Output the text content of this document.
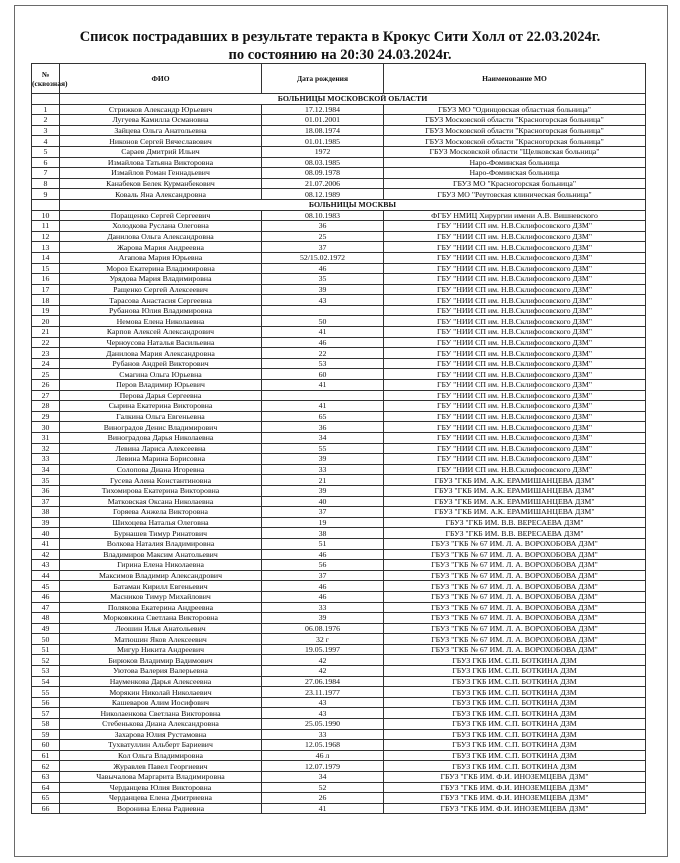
Список пострадавших в результате теракта в Крокус Сити Холл от 22.03.2024г.
по состоянию на 20:30 24.03.2024г.
№ (сквозная)	ФИО	Дата рождения	Наименование МО
	БОЛЬНИЦЫ МОСКОВСКОЙ ОБЛАСТИ		
1	Стрижков Александр Юрьевич	17.12.1984	ГБУЗ МО "Одинцовская областная больница"
2	Лугуева Камилла Османовна	01.01.2001	ГБУЗ Московской области "Красногорская больница"
3	Зайцева Ольга Анатольевна	18.08.1974	ГБУЗ Московской области "Красногорская больница"
4	Никонов Сергей Вячеславович	01.01.1985	ГБУЗ Московской области "Красногорская больница"
5	Сараев Дмитрий Ильич	1972	ГБУЗ Московской области "Щелковская больница"
6	Измайлова Татьяна Викторовна	08.03.1985	Наро-Фоминская больница
7	Измайлов Роман Геннадьевич	08.09.1978	Наро-Фоминская больница
8	Канабеков Белек Курманбекович	21.07.2006	ГБУЗ МО "Красногорская больница"
9	Коваль Яна Александровна	08.12.1989	ГБУЗ МО "Реутовская клиническая больница"
	БОЛЬНИЦЫ МОСКВЫ		
10	Поращенко Сергей Сергеевич	08.10.1983	ФГБУ НМИЦ Хирургии имени А.В. Вишневского
11	Холодкова Руслана Олеговна	36	ГБУ "НИИ СП им. Н.В.Склифосовского ДЗМ"
12	Данилова Ольга Александровна	25	ГБУ "НИИ СП им. Н.В.Склифосовского ДЗМ"
13	Жарова Мария Андреевна	37	ГБУ "НИИ СП им. Н.В.Склифосовского ДЗМ"
14	Агапова Мария Юрьевна	52/15.02.1972	ГБУ "НИИ СП им. Н.В.Склифосовского ДЗМ"
15	Мороз Екатерина Владимировна	46	ГБУ "НИИ СП им. Н.В.Склифосовского ДЗМ"
16	Урядова Мария Владимировна	35	ГБУ "НИИ СП им. Н.В.Склифосовского ДЗМ"
17	Ращенко Сергей Алексеевич	39	ГБУ "НИИ СП им. Н.В.Склифосовского ДЗМ"
18	Тарасова Анастасия Сергеевна	43	ГБУ "НИИ СП им. Н.В.Склифосовского ДЗМ"
19	Рубанова Юлия Владимировна		ГБУ "НИИ СП им. Н.В.Склифосовского ДЗМ"
20	Немова Елена Николаевна	50	ГБУ "НИИ СП им. Н.В.Склифосовского ДЗМ"
21	Карпов Алексей Александрович	41	ГБУ "НИИ СП им. Н.В.Склифосовского ДЗМ"
22	Черноусова Наталья Васильевна	46	ГБУ "НИИ СП им. Н.В.Склифосовского ДЗМ"
23	Данилова Мария Александровна	22	ГБУ "НИИ СП им. Н.В.Склифосовского ДЗМ"
24	Рубанов Андрей Викторович	53	ГБУ "НИИ СП им. Н.В.Склифосовского ДЗМ"
25	Смагина Ольга Юрьевна	60	ГБУ "НИИ СП им. Н.В.Склифосовского ДЗМ"
26	Перов Владимир Юрьевич	41	ГБУ "НИИ СП им. Н.В.Склифосовского ДЗМ"
27	Перова Дарья Сергеевна		ГБУ "НИИ СП им. Н.В.Склифосовского ДЗМ"
28	Сырина Екатерина Викторовна	41	ГБУ "НИИ СП им. Н.В.Склифосовского ДЗМ"
29	Галкина Ольга Евгеньевна	65	ГБУ "НИИ СП им. Н.В.Склифосовского ДЗМ"
30	Виноградов Денис Владимирович	36	ГБУ "НИИ СП им. Н.В.Склифосовского ДЗМ"
31	Виноградова Дарья Николаевна	34	ГБУ "НИИ СП им. Н.В.Склифосовского ДЗМ"
32	Левина Лариса Алексеевна	55	ГБУ "НИИ СП им. Н.В.Склифосовского ДЗМ"
33	Левина Марина Борисовна	39	ГБУ "НИИ СП им. Н.В.Склифосовского ДЗМ"
34	Солопова Диана Игоревна	33	ГБУ "НИИ СП им. Н.В.Склифосовского ДЗМ"
35	Гусева Алена Константиновна	21	ГБУЗ "ГКБ ИМ. А.К. ЕРАМИШАНЦЕВА ДЗМ"
36	Тихомирова Екатерина Викторовна	39	ГБУЗ "ГКБ ИМ. А.К. ЕРАМИШАНЦЕВА ДЗМ"
37	Матковская Оксана Николаевна	40	ГБУЗ "ГКБ ИМ. А.К. ЕРАМИШАНЦЕВА ДЗМ"
38	Горяева Анжела Викторовна	37	ГБУЗ "ГКБ ИМ. А.К. ЕРАМИШАНЦЕВА ДЗМ"
39	Шихоцева Наталья Олеговна	19	ГБУЗ "ГКБ ИМ. В.В. ВЕРЕСАЕВА ДЗМ"
40	Бурнашев Тимур Ринатович	38	ГБУЗ "ГКБ ИМ. В.В. ВЕРЕСАЕВА ДЗМ"
41	Волкова Наталия Владимировна	51	ГБУЗ "ГКБ № 67 ИМ. Л. А. ВОРОХОБОВА ДЗМ"
42	Владимиров Максим Анатольевич	46	ГБУЗ "ГКБ № 67 ИМ. Л. А. ВОРОХОБОВА ДЗМ"
43	Гирина Елена Николаевна	56	ГБУЗ "ГКБ № 67 ИМ. Л. А. ВОРОХОБОВА ДЗМ"
44	Максимов Владимир Александрович	37	ГБУЗ "ГКБ № 67 ИМ. Л. А. ВОРОХОБОВА ДЗМ"
45	Батаман Кирилл Евгеньевич	46	ГБУЗ "ГКБ № 67 ИМ. Л. А. ВОРОХОБОВА ДЗМ"
46	Масников Тимур Михайлович	46	ГБУЗ "ГКБ № 67 ИМ. Л. А. ВОРОХОБОВА ДЗМ"
47	Полякова Екатерина Андреевна	33	ГБУЗ "ГКБ № 67 ИМ. Л. А. ВОРОХОБОВА ДЗМ"
48	Морковкина Светлана Викторовна	39	ГБУЗ "ГКБ № 67 ИМ. Л. А. ВОРОХОБОВА ДЗМ"
49	Леошин Илья Анатольевич	06.08.1976	ГБУЗ "ГКБ № 67 ИМ. Л. А. ВОРОХОБОВА ДЗМ"
50	Матюшин Яков Алексеевич	32 г	ГБУЗ "ГКБ № 67 ИМ. Л. А. ВОРОХОБОВА ДЗМ"
51	Мигур Никита Андреевич	19.05.1997	ГБУЗ "ГКБ № 67 ИМ. Л. А. ВОРОХОБОВА ДЗМ"
52	Бирюков Владимир Вадимович	42	ГБУЗ ГКБ ИМ. С.П. БОТКИНА ДЗМ
53	Уютова Валерия Валерьевна	42	ГБУЗ ГКБ ИМ. С.П. БОТКИНА ДЗМ
54	Науменкова Дарья Алексеевна	27.06.1984	ГБУЗ ГКБ ИМ. С.П. БОТКИНА ДЗМ
55	Морякин Николай Николаевич	23.11.1977	ГБУЗ ГКБ ИМ. С.П. БОТКИНА ДЗМ
56	Кашеваров Алим Иосифович	43	ГБУЗ ГКБ ИМ. С.П. БОТКИНА ДЗМ
57	Николаенкова Светлана Викторовна	43	ГБУЗ ГКБ ИМ. С.П. БОТКИНА ДЗМ
58	Стебенькова Диана Александровна	25.05.1990	ГБУЗ ГКБ ИМ. С.П. БОТКИНА ДЗМ
59	Захарова Юлия Рустамовна	33	ГБУЗ ГКБ ИМ. С.П. БОТКИНА ДЗМ
60	Тухватуллин Альберт Бариевич	12.05.1968	ГБУЗ ГКБ ИМ. С.П. БОТКИНА ДЗМ
61	Кол Ольга Владимировна	46 л	ГБУЗ ГКБ ИМ. С.П. БОТКИНА ДЗМ
62	Журавлев Павел Георгиевич	12.07.1979	ГБУЗ ГКБ ИМ. С.П. БОТКИНА ДЗМ
63	Чавычалова Маргарита Владимировна	34	ГБУЗ "ГКБ ИМ. Ф.И. ИНОЗЕМЦЕВА ДЗМ"
64	Черданцева Юлия Викторовна	52	ГБУЗ "ГКБ ИМ. Ф.И. ИНОЗЕМЦЕВА ДЗМ"
65	Черданцева Елена Дмитриевна	26	ГБУЗ "ГКБ ИМ. Ф.И. ИНОЗЕМЦЕВА ДЗМ"
66	Воронина Елена Радиевна	41	ГБУЗ "ГКБ ИМ. Ф.И. ИНОЗЕМЦЕВА ДЗМ"
